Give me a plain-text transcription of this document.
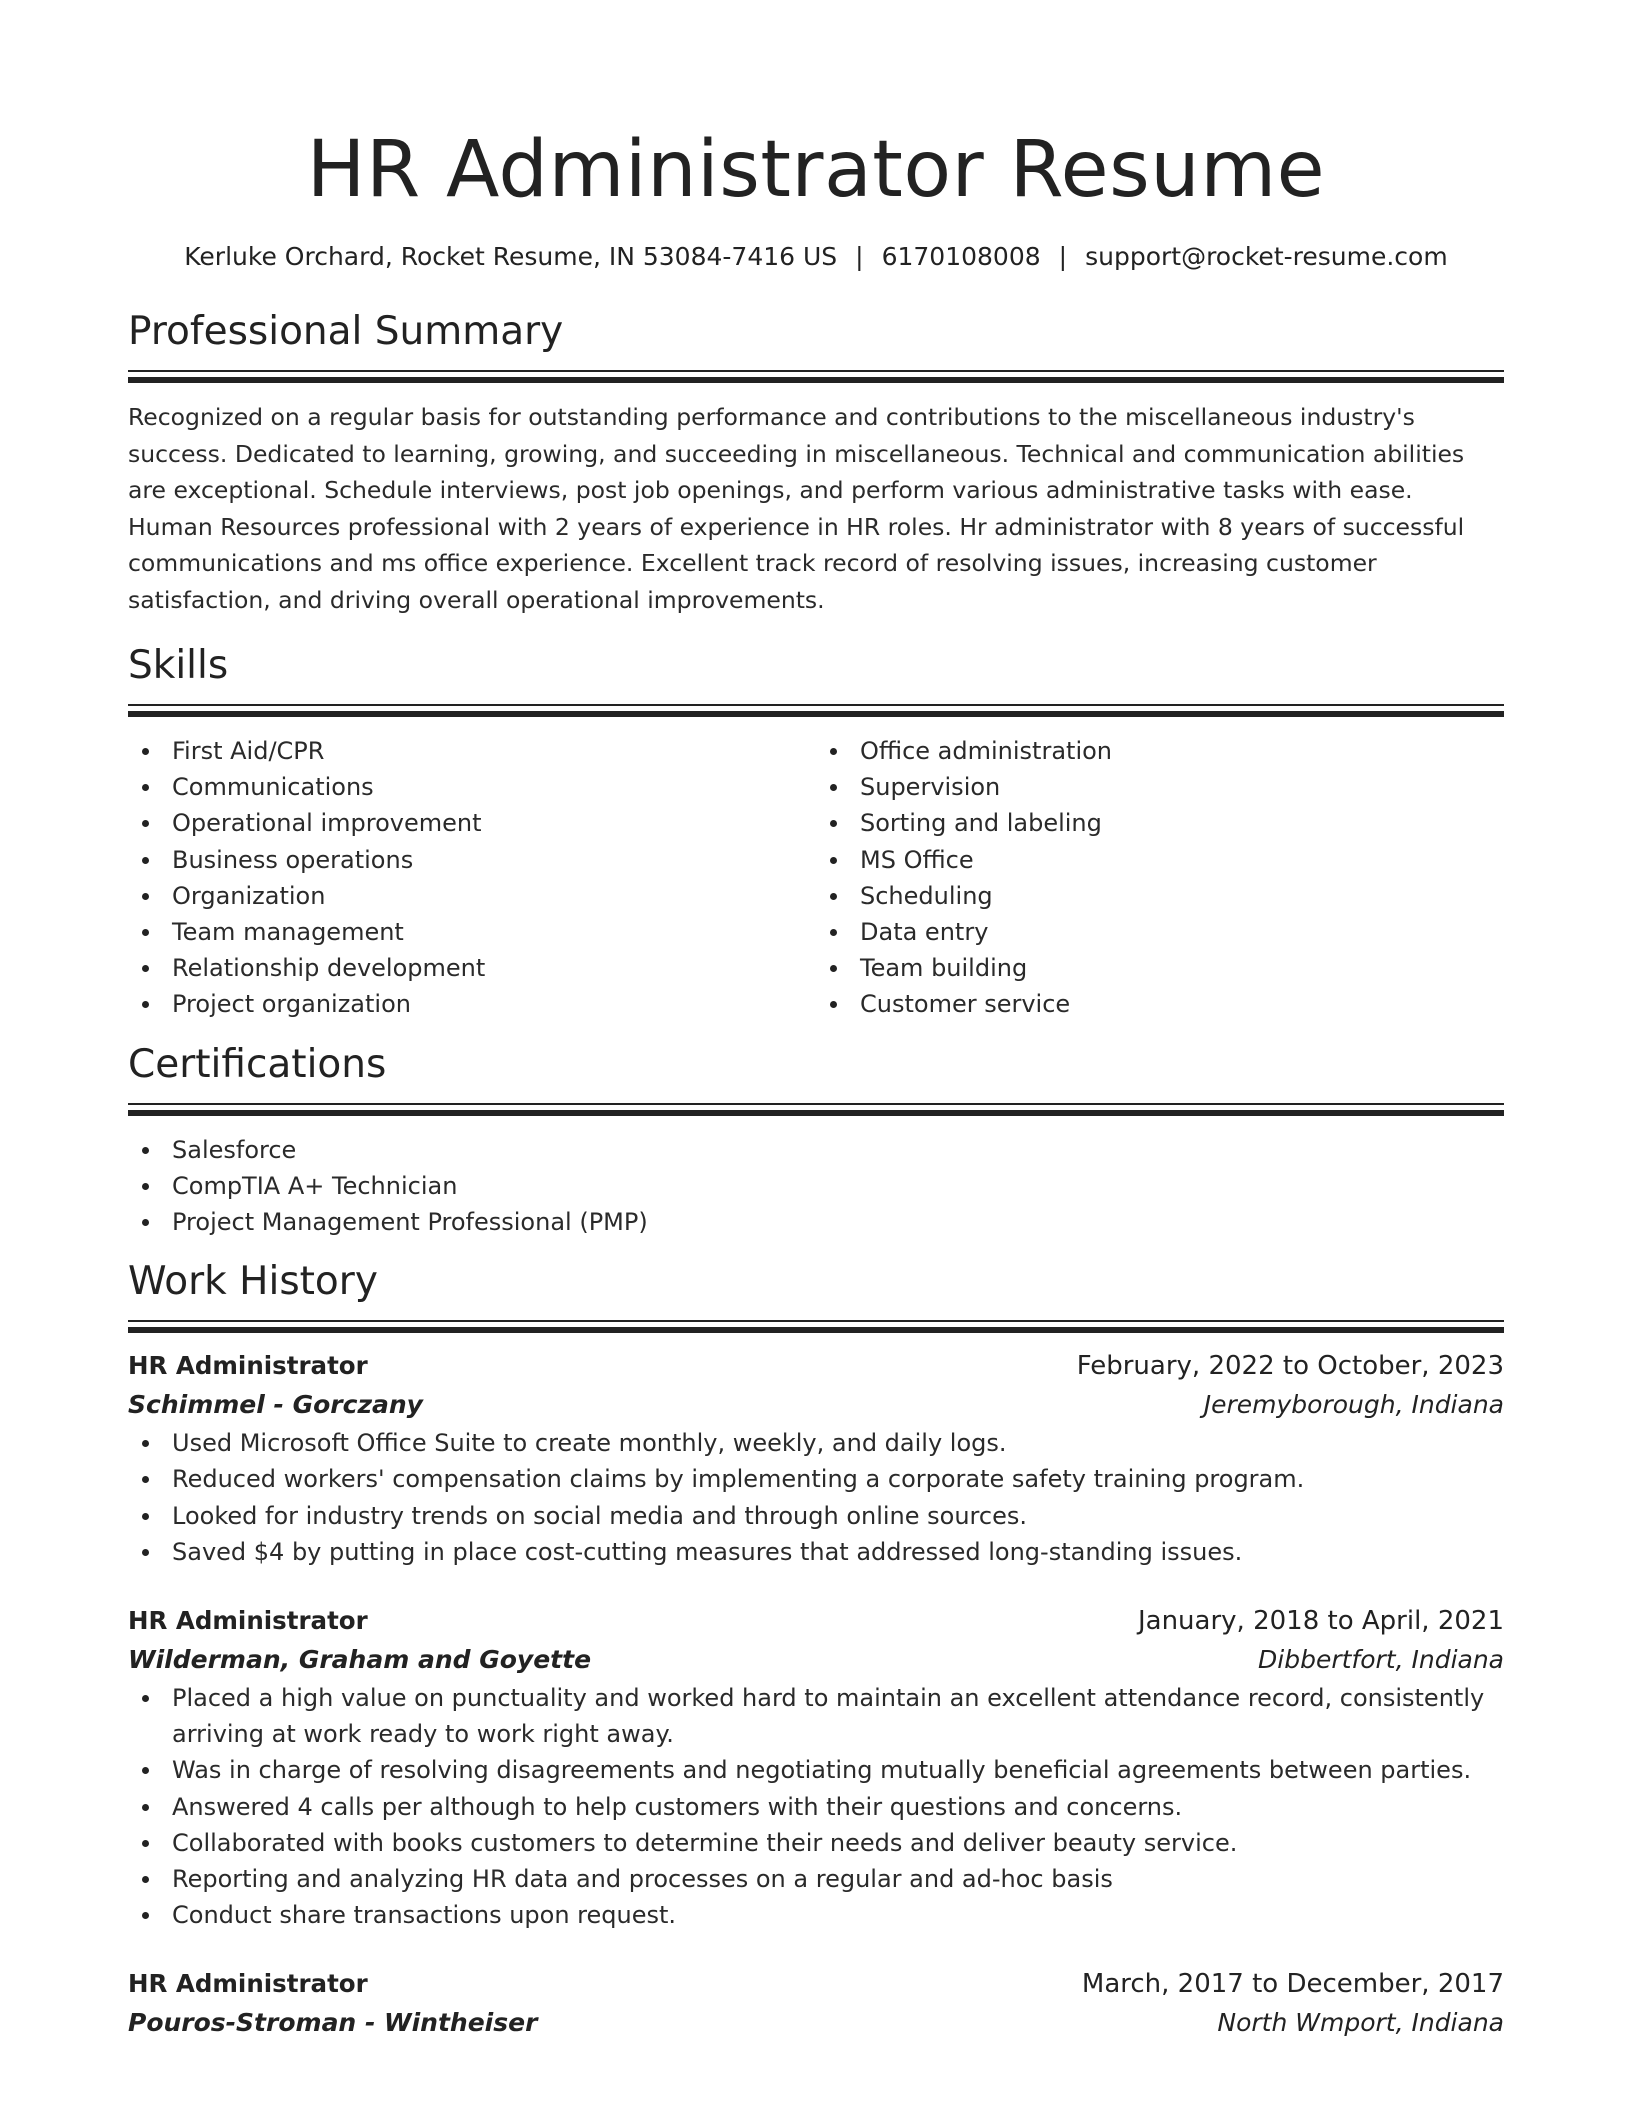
HR Administrator Resume
Kerluke Orchard, Rocket Resume, IN 53084-7416 US | 6170108008 | support@rocket-resume.com
Professional Summary
Recognized on a regular basis for outstanding performance and contributions to the miscellaneous industry's success. Dedicated to learning, growing, and succeeding in miscellaneous. Technical and communication abilities are exceptional. Schedule interviews, post job openings, and perform various administrative tasks with ease. Human Resources professional with 2 years of experience in HR roles. Hr administrator with 8 years of successful communications and ms office experience. Excellent track record of resolving issues, increasing customer satisfaction, and driving overall operational improvements.
Skills
First Aid/CPR
Communications
Operational improvement
Business operations
Organization
Team management
Relationship development
Project organization
Office administration
Supervision
Sorting and labeling
MS Office
Scheduling
Data entry
Team building
Customer service
Certifications
Salesforce
CompTIA A+ Technician
Project Management Professional (PMP)
Work History
HR Administrator	February, 2022 to October, 2023
Schimmel - Gorczany	Jeremyborough, Indiana
Used Microsoft Office Suite to create monthly, weekly, and daily logs.
Reduced workers' compensation claims by implementing a corporate safety training program.
Looked for industry trends on social media and through online sources.
Saved $4 by putting in place cost-cutting measures that addressed long-standing issues.
HR Administrator	January, 2018 to April, 2021
Wilderman, Graham and Goyette	Dibbertfort, Indiana
Placed a high value on punctuality and worked hard to maintain an excellent attendance record, consistently arriving at work ready to work right away.
Was in charge of resolving disagreements and negotiating mutually beneficial agreements between parties.
Answered 4 calls per although to help customers with their questions and concerns.
Collaborated with books customers to determine their needs and deliver beauty service.
Reporting and analyzing HR data and processes on a regular and ad-hoc basis
Conduct share transactions upon request.
HR Administrator	March, 2017 to December, 2017
Pouros-Stroman - Wintheiser	North Wmport, Indiana
